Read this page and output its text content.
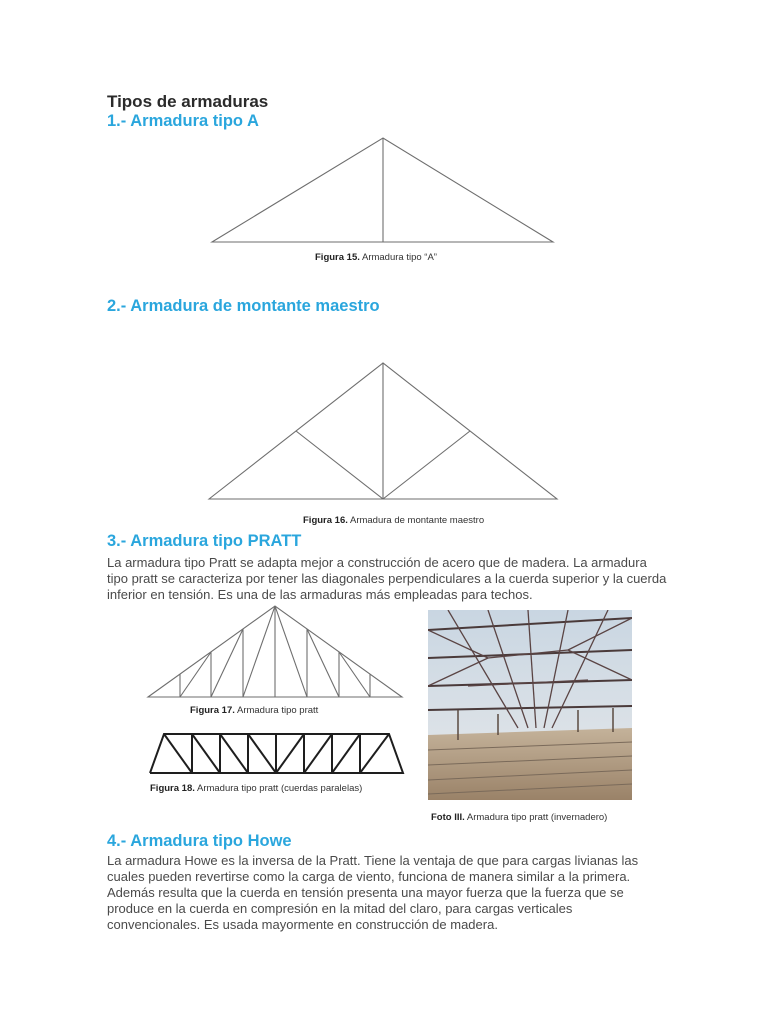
Tipos de armaduras
1.- Armadura tipo A
Figura 15. Armadura tipo “A”
2.- Armadura de montante maestro
Figura 16. Armadura de montante maestro
3.- Armadura tipo PRATT
La armadura tipo Pratt se adapta mejor a construcción de acero que de madera. La armadura tipo pratt se caracteriza por tener las diagonales perpendiculares a la cuerda superior y la cuerda inferior en tensión. Es una de las armaduras más empleadas para techos.
Figura 17. Armadura tipo pratt
Figura 18. Armadura tipo pratt (cuerdas paralelas)
Foto III. Armadura tipo pratt (invernadero)
4.- Armadura tipo Howe
La armadura Howe es la inversa de la Pratt. Tiene la ventaja de que para cargas livianas las cuales pueden revertirse como la carga de viento, funciona de manera similar a la primera. Además resulta que la cuerda en tensión presenta una mayor fuerza que la fuerza que se produce en la cuerda en compresión en la mitad del claro, para cargas verticales convencionales. Es usada mayormente en construcción de madera.
